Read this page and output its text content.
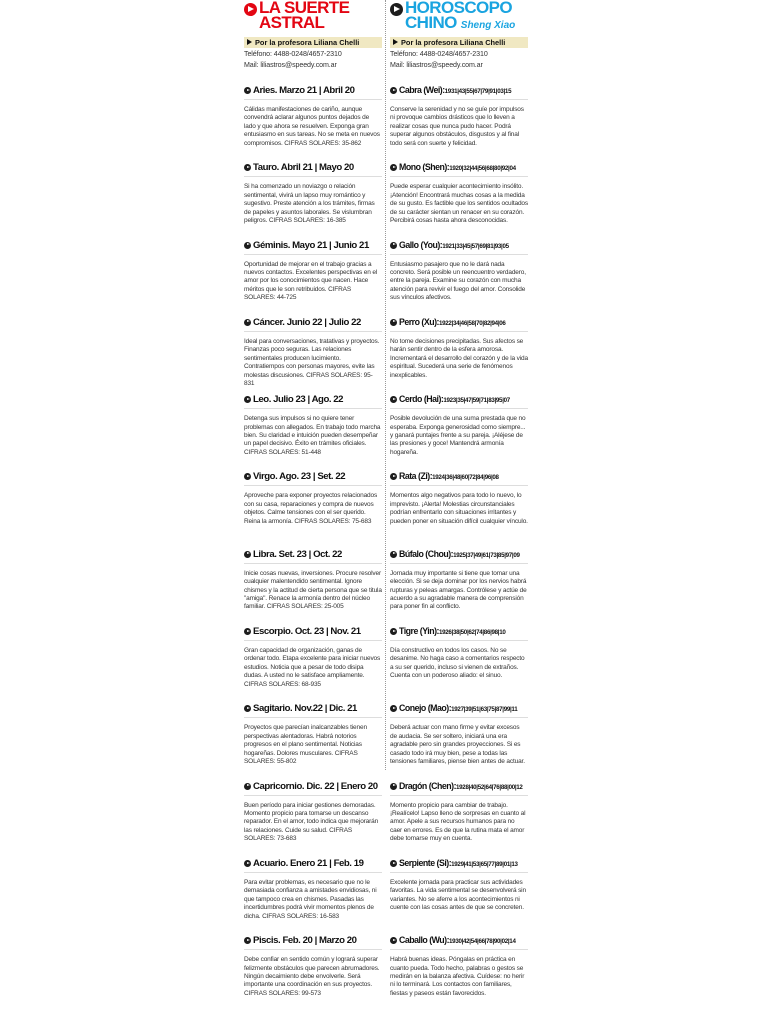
LA SUERTE
ASTRAL
Por la profesora Liliana Chelli
Teléfono: 4488-0248/4657-2310
Mail: liliastros@speedy.com.ar
Aries. Marzo 21 | Abril 20
Cálidas manifestaciones de cariño, aunque convendrá aclarar algunos puntos dejados de lado y que ahora se resuelven. Exponga gran entusiasmo en sus tareas. No se meta en nuevos compromisos. CIFRAS SOLARES: 35-862
Tauro. Abril 21 | Mayo 20
Si ha comenzado un noviazgo o relación sentimental, vivirá un lapso muy romántico y sugestivo. Preste atención a los trámites, firmas de papeles y asuntos laborales. Se vislumbran peligros. CIFRAS SOLARES: 16-385
Géminis. Mayo 21 | Junio 21
Oportunidad de mejorar en el trabajo gracias a nuevos contactos. Excelentes perspectivas en el amor por los conocimientos que nacen. Hace méritos que le son retribuidos. CIFRAS SOLARES: 44-725
Cáncer. Junio 22 | Julio 22
Ideal para conversaciones, tratativas y proyectos. Finanzas poco seguras. Las relaciones sentimentales producen lucimiento. Contratiempos con personas mayores, evite las molestas discusiones. CIFRAS SOLARES: 95-831
Leo. Julio 23 | Ago. 22
Detenga sus impulsos si no quiere tener problemas con allegados. En trabajo todo marcha bien. Su claridad e intuición pueden desempeñar un papel decisivo. Éxito en trámites oficiales. CIFRAS SOLARES: 51-448
Virgo. Ago. 23 | Set. 22
Aproveche para exponer proyectos relacionados con su casa, reparaciones y compra de nuevos objetos. Calme tensiones con el ser querido. Reina la armonía. CIFRAS SOLARES: 75-683
Libra. Set. 23 | Oct. 22
Inicie cosas nuevas, inversiones. Procure resolver cualquier malentendido sentimental. Ignore chismes y la actitud de cierta persona que se titula "amiga". Renace la armonía dentro del núcleo familiar. CIFRAS SOLARES: 25-005
Escorpio. Oct. 23 | Nov. 21
Gran capacidad de organización, ganas de ordenar todo. Etapa excelente para iniciar nuevos estudios. Noticia que a pesar de todo disipa dudas. A usted no le satisface ampliamente. CIFRAS SOLARES: 68-935
Sagitario. Nov.22 | Dic. 21
Proyectos que parecían inalcanzables tienen perspectivas alentadoras. Habrá notorios progresos en el plano sentimental. Noticias hogareñas. Dolores musculares. CIFRAS SOLARES: 55-802
Capricornio. Dic. 22 | Enero 20
Buen período para iniciar gestiones demoradas. Momento propicio para tomarse un descanso reparador. En el amor, todo indica que mejorarán las relaciones. Cuide su salud. CIFRAS SOLARES: 73-683
Acuario. Enero 21 | Feb. 19
Para evitar problemas, es necesario que no le demasiada confianza a amistades envidiosas, ni que tampoco crea en chismes. Pasadas las incertidumbres podrá vivir momentos plenos de dicha. CIFRAS SOLARES: 16-583
Piscis. Feb. 20 | Marzo 20
Debe confiar en sentido común y logrará superar felizmente obstáculos que parecen abrumadores. Ningún decaimiento debe envolverle. Será importante una coordinación en sus proyectos. CIFRAS SOLARES: 99-573
HOROSCOPO
CHINO Sheng Xiao
Por la profesora Liliana Chelli
Teléfono: 4488-0248/4657-2310
Mail: liliastros@speedy.com.ar
Cabra (Wei):1931|43|55|67|79|91|03|15
Conserve la serenidad y no se guíe por impulsos ni provoque cambios drásticos que lo lleven a realizar cosas que nunca pudo hacer. Podrá superar algunos obstáculos, disgustos y al final todo será con suerte y felicidad.
Mono (Shen):1920|32|44|56|68|80|92|04
Puede esperar cualquier acontecimiento insólito. ¡Atención! Encontrará muchas cosas a la medida de su gusto. Es factible que los sentidos ocultados de su carácter sientan un renacer en su corazón. Percibirá cosas hasta ahora desconocidas.
Gallo (You):1921|33|45|57|69|81|93|05
Entusiasmo pasajero que no le dará nada concreto. Será posible un reencuentro verdadero, entre la pareja. Examine su corazón con mucha atención para revivir el fuego del amor. Consolide sus vínculos afectivos.
Perro (Xu):1922|34|46|58|70|82|94|06
No tome decisiones precipitadas. Sus afectos se harán sentir dentro de la esfera amorosa. Incrementará el desarrollo del corazón y de la vida espiritual. Sucederá una serie de fenómenos inexplicables.
Cerdo (Hai):1923|35|47|59|71|83|95|07
Posible devolución de una suma prestada que no esperaba. Exponga generosidad como siempre... y ganará puntajes frente a su pareja. ¡Aléjese de las presiones y goce! Mantendrá armonía hogareña.
Rata (Zi):1924|36|48|60|72|84|96|08
Momentos algo negativos para todo lo nuevo, lo imprevisto. ¡Alerta! Molestias circunstanciales podrían enfrentarlo con situaciones irritantes y pueden poner en situación difícil cualquier vínculo.
Búfalo (Chou):1925|37|49|61|73|85|97|09
Jornada muy importante si tiene que tomar una elección. Si se deja dominar por los nervios habrá rupturas y peleas amargas. Contrólese y actúe de acuerdo a su agradable manera de comprensión para poner fin al conflicto.
Tigre (Yin):1926|38|50|62|74|86|98|10
Día constructivo en todos los casos. No se desanime. No haga caso a comentarios respecto a su ser querido, incluso si vienen de extraños. Cuenta con un poderoso aliado: el sinuo.
Conejo (Mao):1927|39|51|63|75|87|99|11
Deberá actuar con mano firme y evitar excesos de audacia. Se ser soltero, iniciará una era agradable pero sin grandes proyecciones. Si es casado todo irá muy bien, pese a todas las tensiones familiares, piense bien antes de actuar.
Dragón (Chen):1928|40|52|64|76|88|00|12
Momento propicio para cambiar de trabajo. ¡Realícelo! Lapso lleno de sorpresas en cuanto al amor. Apele a sus recursos humanos para no caer en errores. Es de que la rutina mata el amor debe tomarse muy en cuenta.
Serpiente (Si):1929|41|53|65|77|89|01|13
Excelente jornada para practicar sus actividades favoritas. La vida sentimental se desenvolverá sin variantes. No se aferre a los acontecimientos ni cuente con las cosas antes de que se concreten.
Caballo (Wu):1930|42|54|66|78|90|02|14
Habrá buenas ideas. Póngalas en práctica en cuanto pueda. Todo hecho, palabras o gestos se medirán en la balanza afectiva. Cuídese: no herir ni lo terminará. Los contactos con familiares, fiestas y paseos están favorecidos.
